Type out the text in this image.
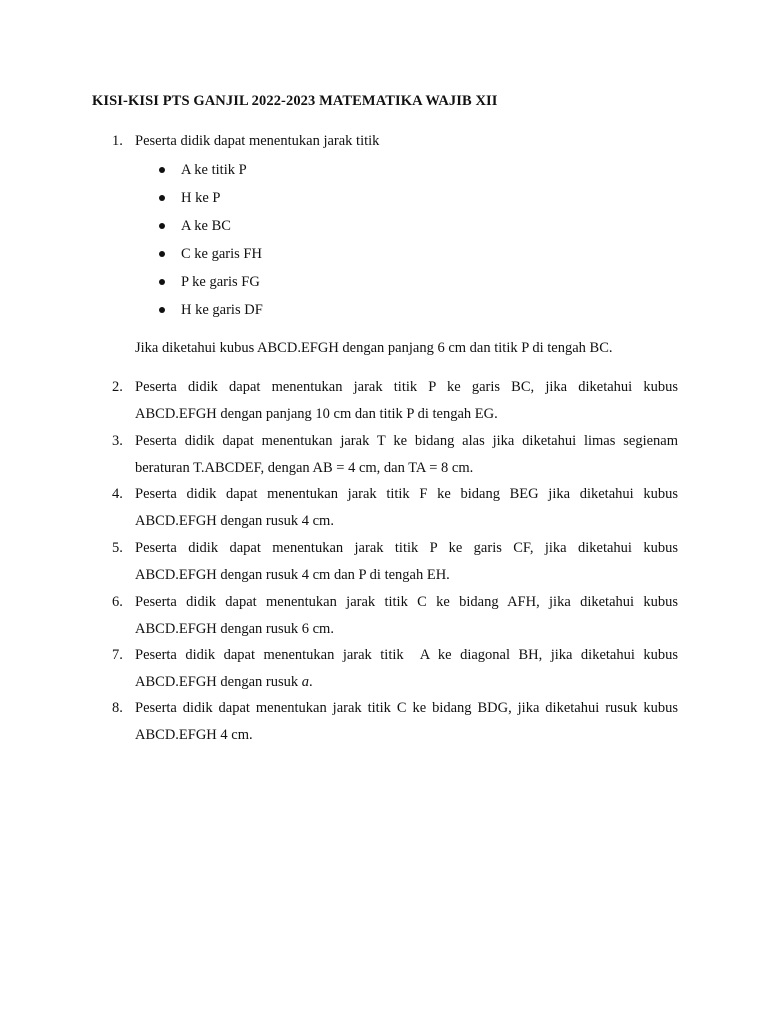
KISI-KISI PTS GANJIL 2022-2023 MATEMATIKA WAJIB XII
1. Peserta didik dapat menentukan jarak titik
A ke titik P
H ke P
A ke BC
C ke garis FH
P ke garis FG
H ke garis DF
Jika diketahui kubus ABCD.EFGH dengan panjang 6 cm dan titik P di tengah BC.
2. Peserta didik dapat menentukan jarak titik P ke garis BC, jika diketahui kubus
ABCD.EFGH dengan panjang 10 cm dan titik P di tengah EG.
3. Peserta didik dapat menentukan jarak T ke bidang alas jika diketahui limas segienam
beraturan T.ABCDEF, dengan AB = 4 cm, dan TA = 8 cm.
4. Peserta didik dapat menentukan jarak titik F ke bidang BEG jika diketahui kubus
ABCD.EFGH dengan rusuk 4 cm.
5. Peserta didik dapat menentukan jarak titik P ke garis CF, jika diketahui kubus
ABCD.EFGH dengan rusuk 4 cm dan P di tengah EH.
6. Peserta didik dapat menentukan jarak titik C ke bidang AFH, jika diketahui kubus
ABCD.EFGH dengan rusuk 6 cm.
7. Peserta didik dapat menentukan jarak titik  A ke diagonal BH, jika diketahui kubus
ABCD.EFGH dengan rusuk a.
8. Peserta didik dapat menentukan jarak titik C ke bidang BDG, jika diketahui rusuk kubus
ABCD.EFGH 4 cm.
